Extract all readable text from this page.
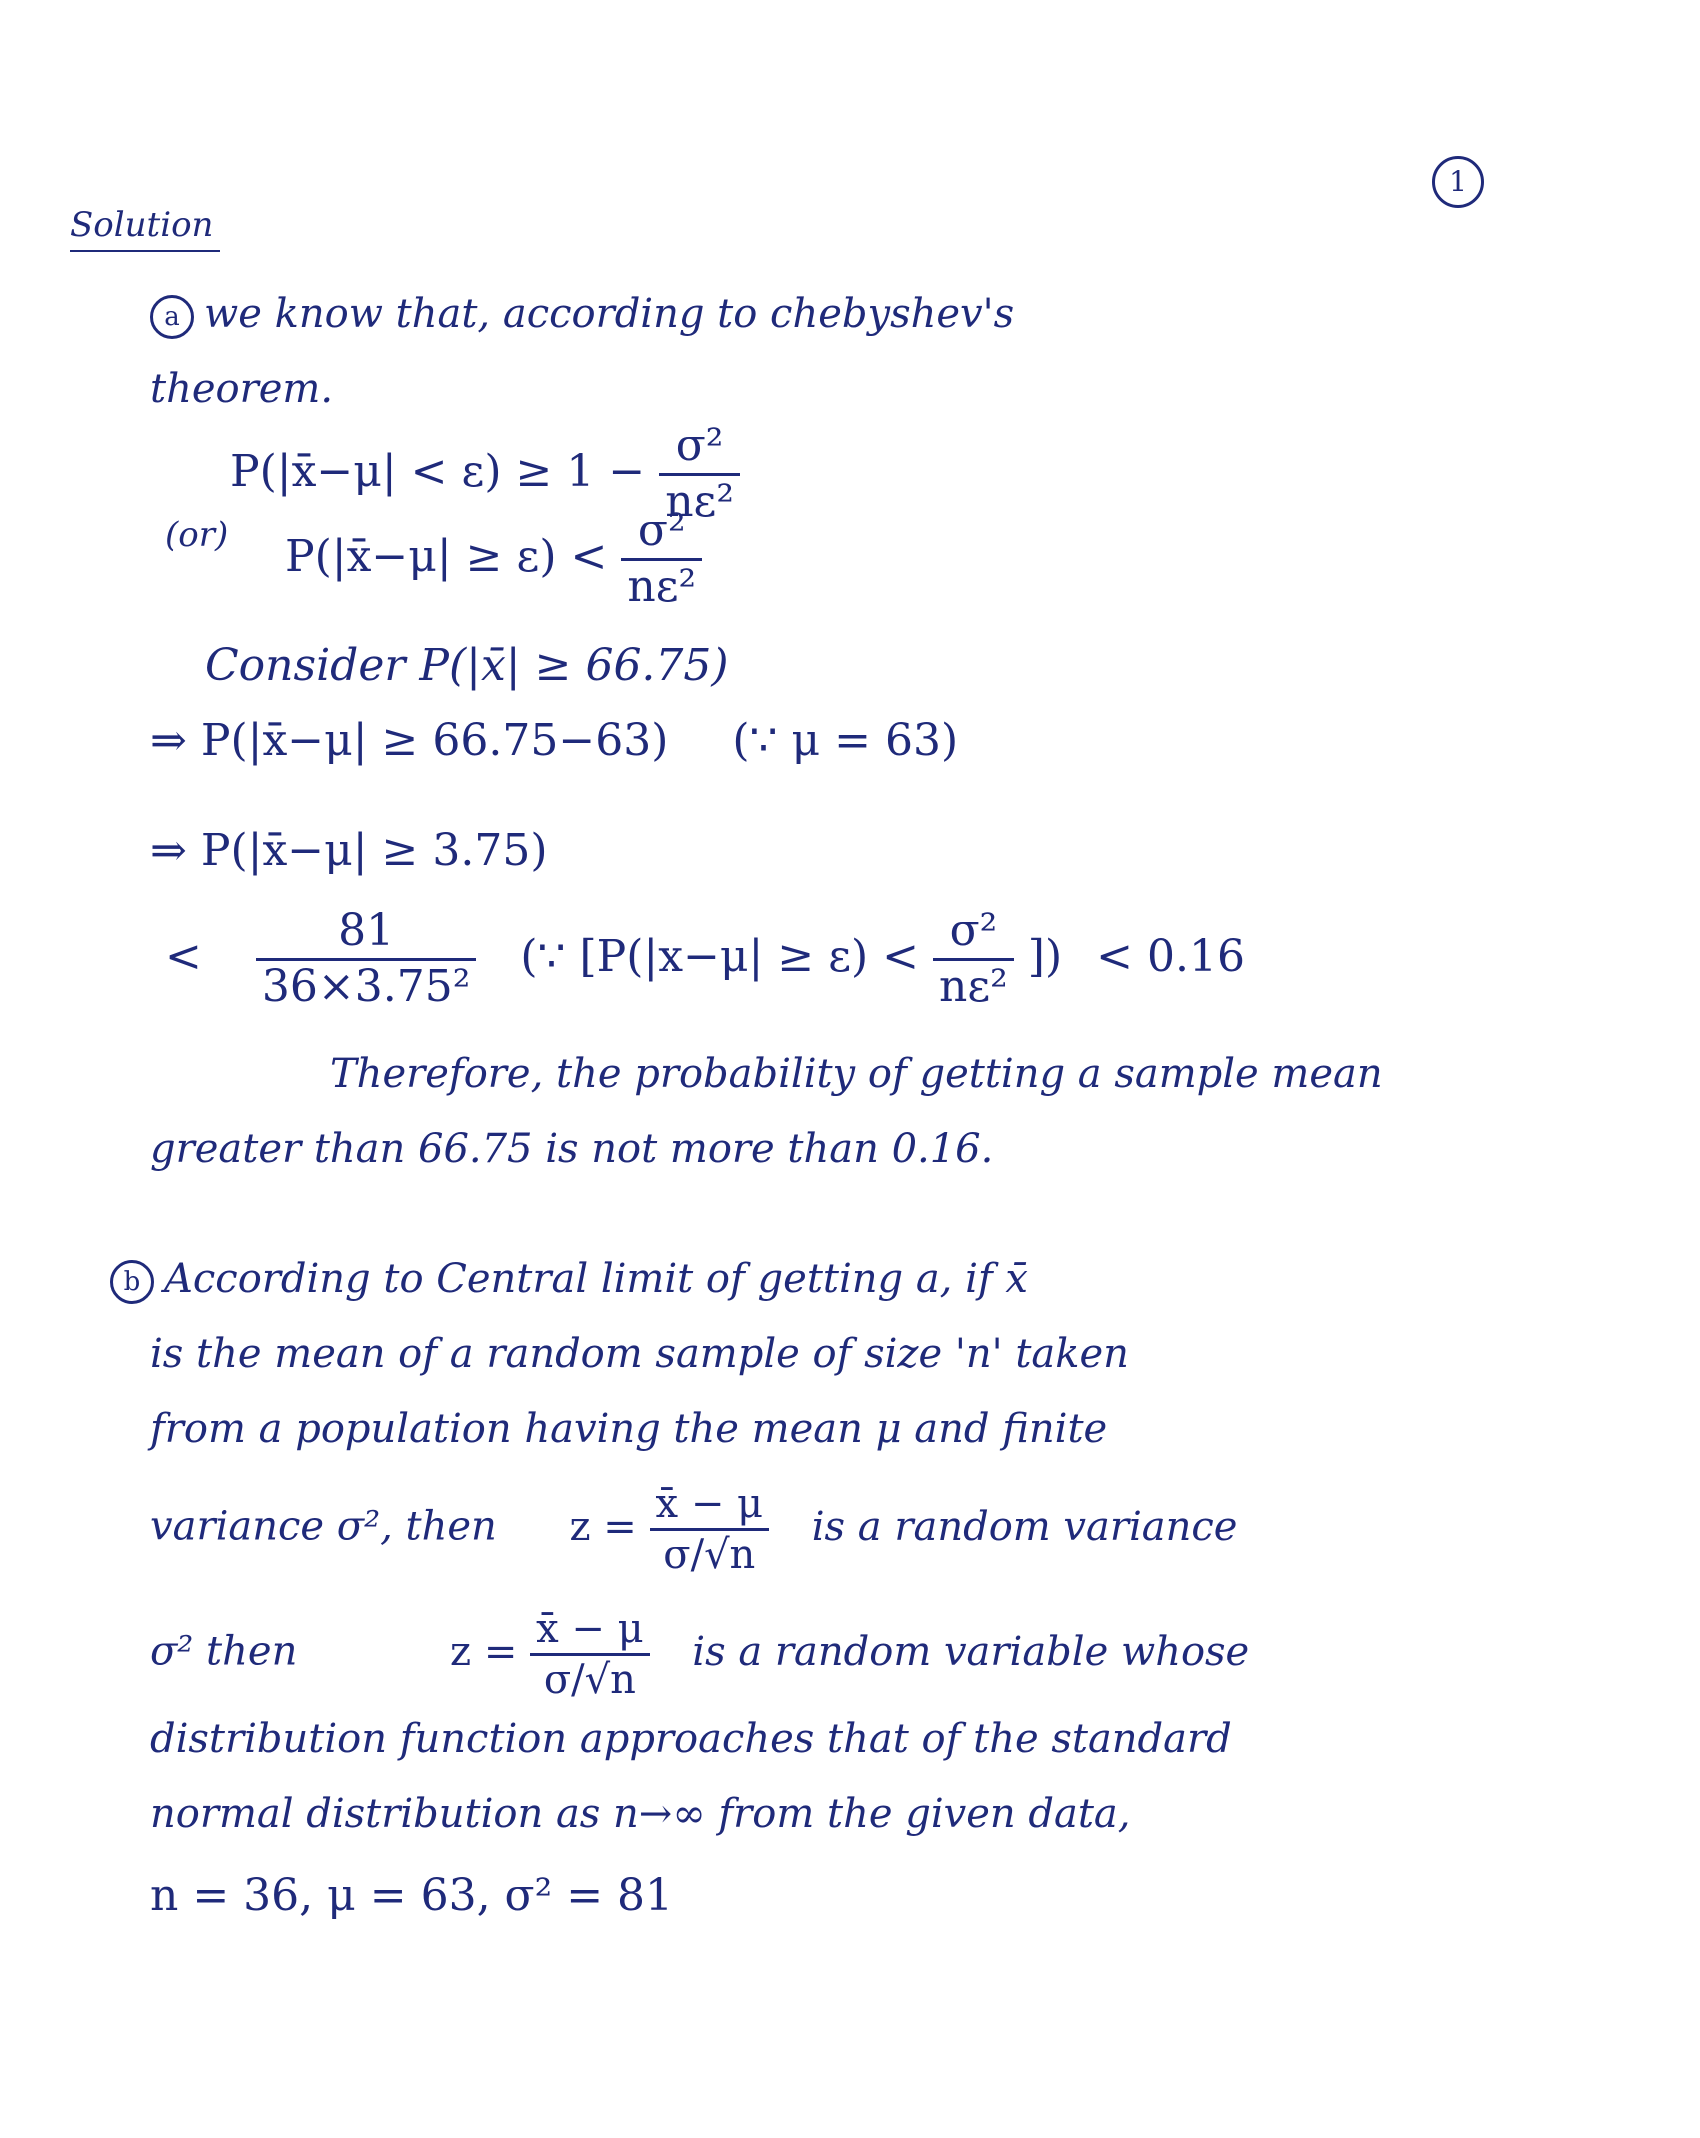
1
Solution
a we know that, according to chebyshev's
theorem.
P(|x̄−μ| < $\varepsilon) \ge 1 - \frac{\text{σ²}}{\text{nε²}}$
(or) P(|x̄−μ| ≥ $\varepsilon) < \frac{\text{σ²}}{\text{nε²}}$
Consider P(|x̄| ≥ 66.75)
⇒ P(|x̄−μ| ≥ 66.75−63) (∵ μ = 63)
⇒ P(|x̄−μ| ≥ 3.75)
< $\frac{81}{\text{36×3.75²}}$ (∵ [$P(|x-\mu| \ge \varepsilon) < \frac{\text{σ²}}{\text{nε²}}$ ]) < 0.16
Therefore, the probability of getting a sample mean
greater than 66.75 is not more than 0.16.
b According to Central limit of getting a, if x̄
is the mean of a random sample of size 'n' taken
from a population having the mean μ and finite
variance σ², then $z = \frac{x̄ - \mu}{\sigma/√n}$ is a random variance
σ² then	$z = \frac{x̄ - \mu}{\sigma/√n}$ is a random variable whose
distribution function approaches that of the standard
normal distribution as n→∞ from the given data,
n = 36, μ = 63, σ² = 81
